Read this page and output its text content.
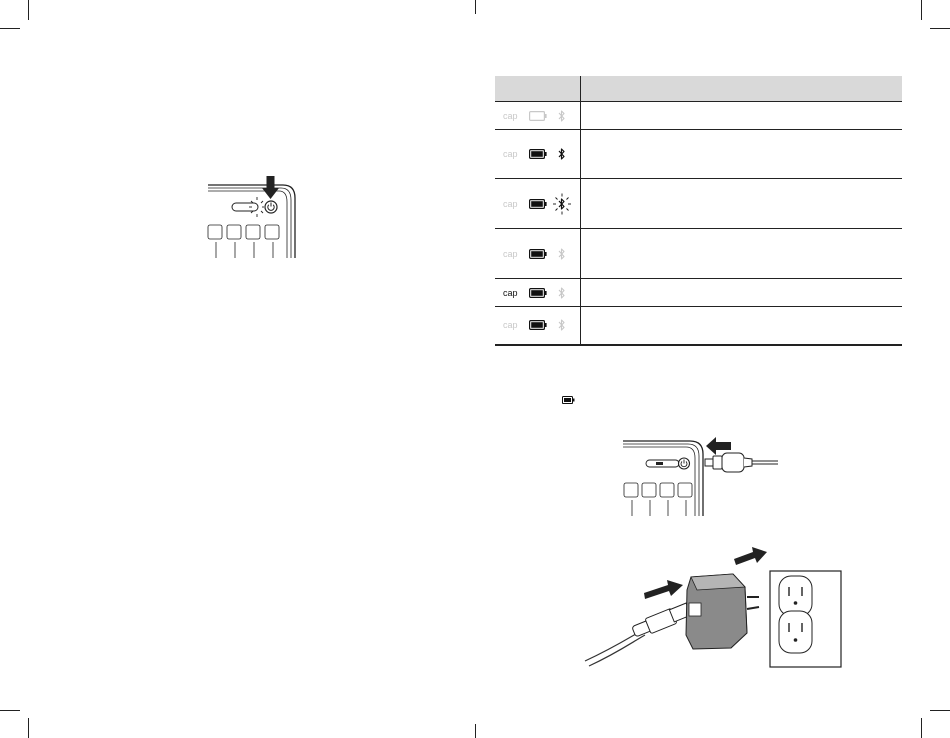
cap	

cap	

cap	

cap	

cap	

cap	
